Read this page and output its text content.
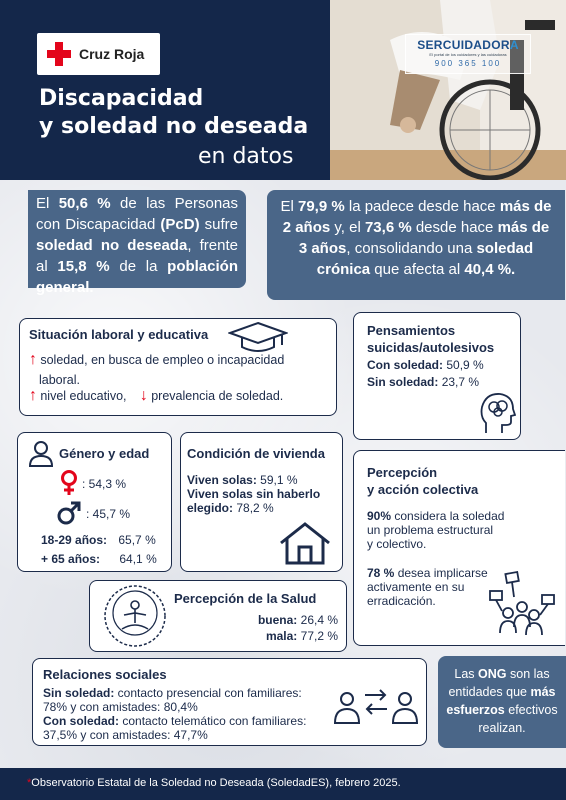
Cruz Roja
SERCUIDADORA
El portal de los cuidadores y las cuidadoras
900 365 100
Discapacidad
y soledad no deseada
en datos
El 50,6 % de las Personas con Discapacidad (PcD) sufre soledad no deseada, frente al 15,8 % de la población general.
El 79,9 % la padece desde hace más de 2 años y, el 73,6 % desde hace más de 3 años, consolidando una soledad crónica que afecta al 40,4 %.
Situación laboral y educativa
↑ soledad, en busca de empleo o incapacidad
laboral.
↑ nivel educativo, ↓ prevalencia de soledad.
Pensamientos
suicidas/autolesivos
Con soledad: 50,9 %
Sin soledad: 23,7 %
Género y edad
: 54,3 %
: 45,7 %
18-29 años: 65,7 %
+ 65 años: 64,1 %
Condición de vivienda
Viven solas: 59,1 %
Viven solas sin haberlo
elegido: 78,2 %
Percepción
y acción colectiva
90% considera la soledad
un problema estructural
y colectivo.
78 % desea implicarse
activamente en su
erradicación.
Percepción de la Salud
buena: 26,4 %
mala: 77,2 %
Relaciones sociales
Sin soledad: contacto presencial con familiares:
78% y con amistades: 80,4%
Con soledad: contacto telemático con familiares:
37,5% y con amistades: 47,7%
Las ONG son las entidades que más esfuerzos efectivos realizan.
*Observatorio Estatal de la Soledad no Deseada (SoledadES), febrero 2025.
